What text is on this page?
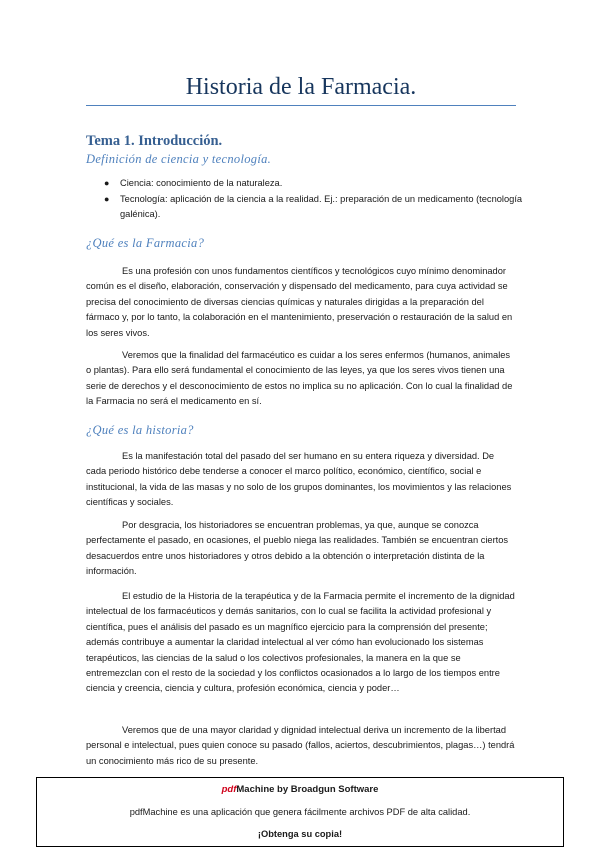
Historia de la Farmacia.
Tema 1. Introducción.
Definición de ciencia y tecnología.
● Ciencia: conocimiento de la naturaleza.
● Tecnología: aplicación de la ciencia a la realidad. Ej.: preparación de un medicamento (tecnología galénica).
¿Qué es la Farmacia?

Es una profesión con unos fundamentos científicos y tecnológicos cuyo mínimo denominador común es el diseño, elaboración, conservación y dispensado del medicamento, para cuya actividad se precisa del conocimiento de diversas ciencias químicas y naturales dirigidas a la preparación del fármaco y, por lo tanto, la colaboración en el mantenimiento, preservación o restauración de la salud en los seres vivos.

Veremos que la finalidad del farmacéutico es cuidar a los seres enfermos (humanos, animales o plantas). Para ello será fundamental el conocimiento de las leyes, ya que los seres vivos tienen una serie de derechos y el desconocimiento de estos no implica su no aplicación. Con lo cual la finalidad de la Farmacia no será el medicamento en sí.

¿Qué es la historia?

Es la manifestación total del pasado del ser humano en su entera riqueza y diversidad. De cada periodo histórico debe tenderse a conocer el marco político, económico, científico, social e institucional, la vida de las masas y no solo de los grupos dominantes, los movimientos y las relaciones científicas y sociales.

Por desgracia, los historiadores se encuentran problemas, ya que, aunque se conozca perfectamente el pasado, en ocasiones, el pueblo niega las realidades. También se encuentran ciertos desacuerdos entre unos historiadores y otros debido a la obtención o interpretación distinta de la información.

El estudio de la Historia de la terapéutica y de la Farmacia permite el incremento de la dignidad intelectual de los farmacéuticos y demás sanitarios, con lo cual se facilita la actividad profesional y científica, pues el análisis del pasado es un magnífico ejercicio para la comprensión del presente; además contribuye a aumentar la claridad intelectual al ver cómo han evolucionado los sistemas terapéuticos, las ciencias de la salud o los colectivos profesionales, la manera en la que se entremezclan con el resto de la sociedad y los conflictos ocasionados a lo largo de los tiempos entre ciencia y creencia, ciencia y cultura, profesión económica, ciencia y poder…

Veremos que de una mayor claridad y dignidad intelectual deriva un incremento de la libertad personal e intelectual, pues quien conoce su pasado (fallos, aciertos, descubrimientos, plagas…) tendrá un conocimiento más rico de su presente.

pdfMachine by Broadgun Software
pdfMachine es una aplicación que genera fácilmente archivos PDF de alta calidad.
¡Obtenga su copia!
